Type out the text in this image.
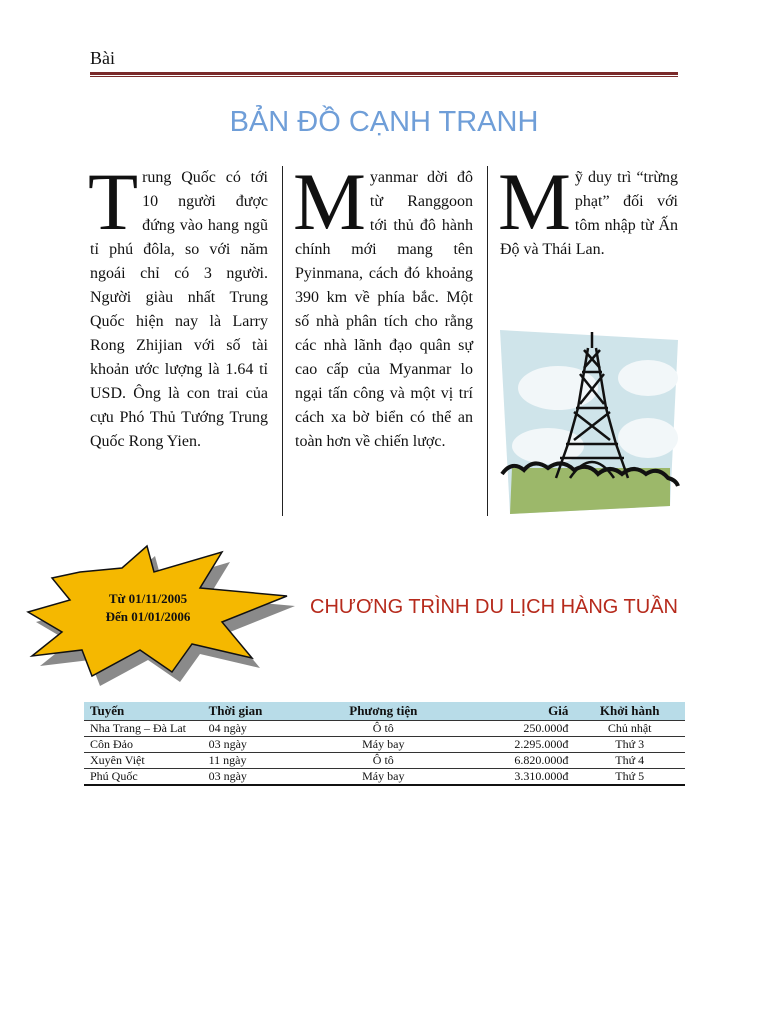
Bài
BẢN ĐỒ CẠNH TRANH
Trung Quốc có tới 10 người được đứng vào hang ngũ tỉ phú đôla, so với năm ngoái chỉ có 3 người. Người giàu nhất Trung Quốc hiện nay là Larry Rong Zhijian với số tài khoản ước lượng là 1.64 tỉ USD. Ông là con trai của cựu Phó Thủ Tướng Trung Quốc Rong Yien.
Myanmar dời đô từ Ranggoon tới thủ đô hành chính mới mang tên Pyinmana, cách đó khoảng 390 km về phía bắc. Một số nhà phân tích cho rằng các nhà lãnh đạo quân sự cao cấp của Myanmar lo ngại tấn công và một vị trí cách xa bờ biển có thể an toàn hơn về chiến lược.
Mỹ duy trì “trừng phạt” đối với tôm nhập từ Ấn Độ và Thái Lan.
Từ 01/11/2005
Đến 01/01/2006	CHƯƠNG TRÌNH DU LỊCH HÀNG TUẦN
Tuyến	Thời gian	Phương tiện	Giá	Khởi hành
Nha Trang – Đà Lat	04 ngày	Ô tô	250.000đ	Chủ nhật
Côn Đảo	03 ngày	Máy bay	2.295.000đ	Thứ 3
Xuyên Việt	11 ngày	Ô tô	6.820.000đ	Thứ 4
Phú Quốc	03 ngày	Máy bay	3.310.000đ	Thứ 5
